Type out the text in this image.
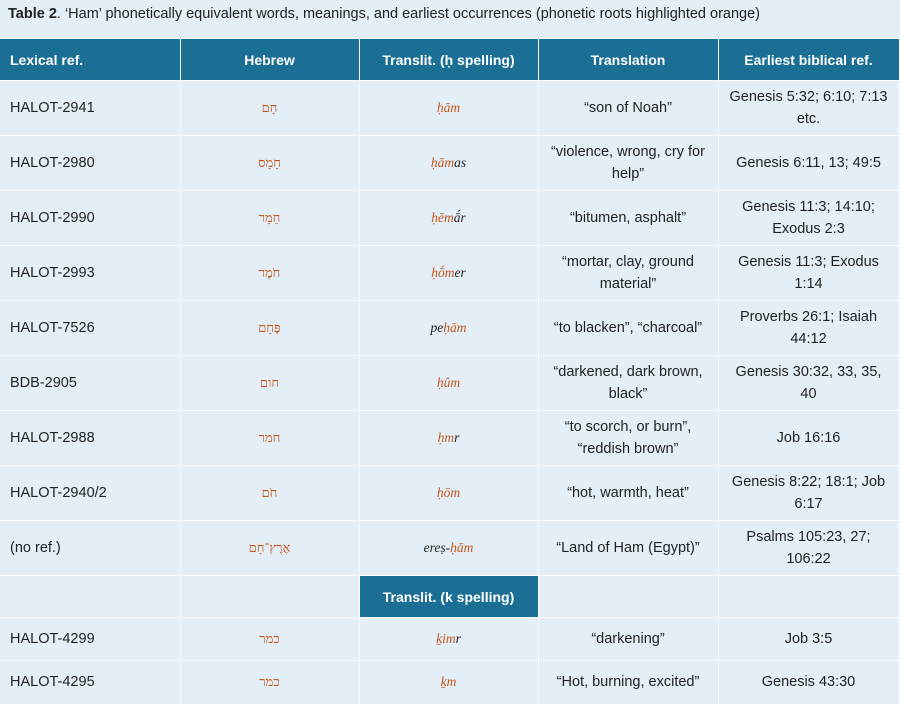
Table 2. ‘Ham’ phonetically equivalent words, meanings, and earliest occurrences (phonetic roots highlighted orange)
Lexical ref.	Hebrew	Translit. (ḥ spelling)	Translation	Earliest biblical ref.
HALOT-2941	חָם	ḥām	“son of Noah”	Genesis 5:32; 6:10; 7:13 etc.
HALOT-2980	חָמָס	ḥāmas	“violence, wrong, cry for help”	Genesis 6:11, 13; 49:5
HALOT-2990	חֵמָר	ḥēmā́r	“bitumen, asphalt”	Genesis 11:3; 14:10; Exodus 2:3
HALOT-2993	חֹמֶר	ḥṓmer	“mortar, clay, ground material”	Genesis 11:3; Exodus 1:14
HALOT-7526	פֶּחָם	peḥām	“to blacken”, “charcoal”	Proverbs 26:1; Isaiah 44:12
BDB-2905	חום	ḥûm	“darkened, dark brown, black”	Genesis 30:32, 33, 35, 40
HALOT-2988	חמר	ḥmr	“to scorch, or burn”, “reddish brown”	Job 16:16
HALOT-2940/2	חֹם	ḥōm	“hot, warmth, heat”	Genesis 8:22; 18:1; Job 6:17
(no ref.)	אֶרֶץ־חָם	ereṣ-ḥām	“Land of Ham (Egypt)”	Psalms 105:23, 27; 106:22
		Translit. (k spelling)		
HALOT-4299	כמר	ḵimr	“darkening”	Job 3:5
HALOT-4295	כמר	ḵm	“Hot, burning, excited”	Genesis 43:30
